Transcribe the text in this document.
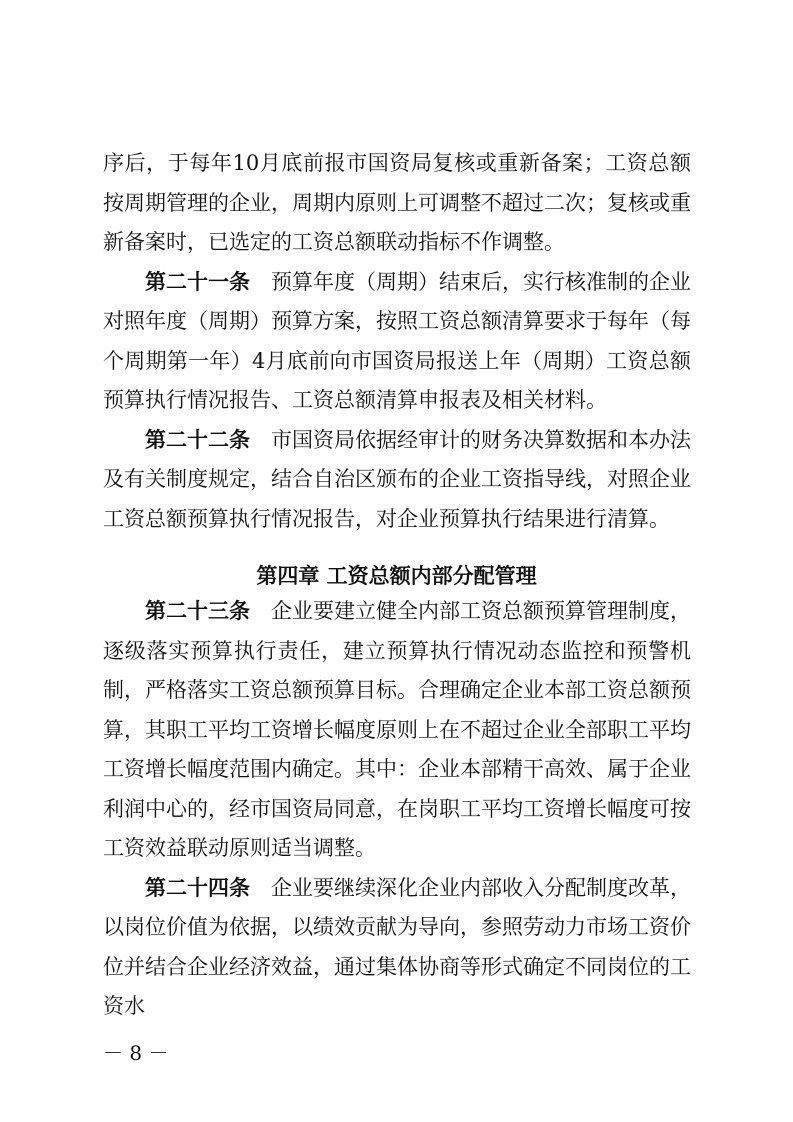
序后，于每年10月底前报市国资局复核或重新备案；工资总额按周期管理的企业，周期内原则上可调整不超过二次；复核或重新备案时，已选定的工资总额联动指标不作调整。

第二十一条 预算年度（周期）结束后，实行核准制的企业对照年度（周期）预算方案，按照工资总额清算要求于每年（每个周期第一年）4月底前向市国资局报送上年（周期）工资总额预算执行情况报告、工资总额清算申报表及相关材料。

第二十二条 市国资局依据经审计的财务决算数据和本办法及有关制度规定，结合自治区颁布的企业工资指导线，对照企业工资总额预算执行情况报告，对企业预算执行结果进行清算。

第四章 工资总额内部分配管理

第二十三条 企业要建立健全内部工资总额预算管理制度，逐级落实预算执行责任，建立预算执行情况动态监控和预警机制，严格落实工资总额预算目标。合理确定企业本部工资总额预算，其职工平均工资增长幅度原则上在不超过企业全部职工平均工资增长幅度范围内确定。其中：企业本部精干高效、属于企业利润中心的，经市国资局同意，在岗职工平均工资增长幅度可按工资效益联动原则适当调整。

第二十四条 企业要继续深化企业内部收入分配制度改革，以岗位价值为依据，以绩效贡献为导向，参照劳动力市场工资价位并结合企业经济效益，通过集体协商等形式确定不同岗位的工资水

－ 8 －
